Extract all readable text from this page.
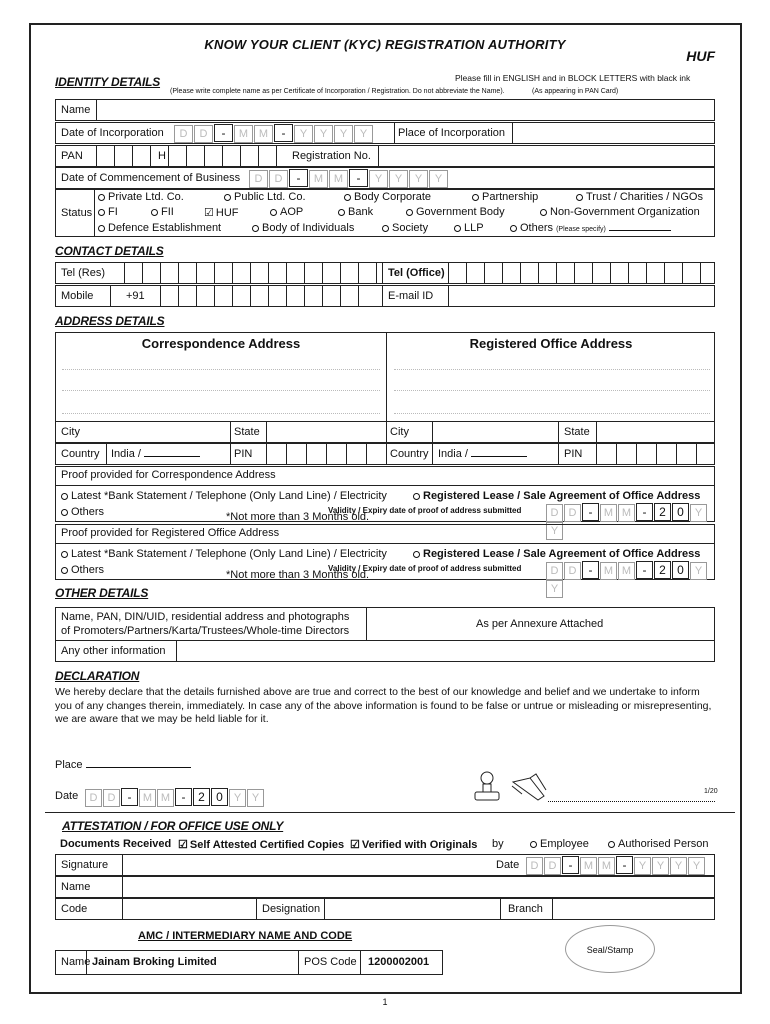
KNOW YOUR CLIENT (KYC) REGISTRATION AUTHORITY
HUF
IDENTITY DETAILS	Please fill in ENGLISH and in BLOCK LETTERS with black ink
(Please write complete name as per Certificate of Incorporation / Registration. Do not abbreviate the Name).	(As appearing in PAN Card)
Name
Date of Incorporation	D D - M M - Y Y Y Y	Place of Incorporation
PAN	H	Registration No.
Date of Commencement of Business	D D - M M - Y Y Y Y
Status
Private Ltd. Co.	Public Ltd. Co.	Body Corporate	Partnership	Trust / Charities / NGOs
FI	FII	☑ HUF	AOP	Bank	Government Body	Non-Government Organization
Defence Establishment	Body of Individuals	Society	LLP	Others (Please specify)
CONTACT DETAILS
Tel (Res)	Tel (Office)
Mobile	+91	E-mail ID
ADDRESS DETAILS
Correspondence Address	Registered Office Address
City	State	City	State
Country India /	PIN	Country India /	PIN
Proof provided for Correspondence Address
Latest *Bank Statement / Telephone (Only Land Line) / Electricity	Registered Lease / Sale Agreement of Office Address
Others	*Not more than 3 Months old.
Validity / Expiry date of proof of address submitted	D D - M M - 2 0 YY
Proof provided for Registered Office Address
Latest *Bank Statement / Telephone (Only Land Line) / Electricity	Registered Lease / Sale Agreement of Office Address
Others	*Not more than 3 Months old.
Validity / Expiry date of proof of address submitted	D D - M M - 2 0 YY
OTHER DETAILS
Name, PAN, DIN/UID, residential address and photographs
of Promoters/Partners/Karta/Trustees/Whole-time Directors
As per Annexure Attached
Any other information
DECLARATION
We hereby declare that the details furnished above are true and correct to the best of our knowledge and belief and we undertake to inform you of any changes therein, immediately. In case any of the above information is found to be false or untrue or misleading or misrepresenting, we are aware that we may be held liable for it.
Place
Date	D D - M M - 2 0 Y Y
1/20
ATTESTATION / FOR OFFICE USE ONLY
Documents Received ☑ Self Attested Certified Copies ☑ Verified with Originals by	Employee	Authorised Person
Signature	Date	D D - M M - Y Y Y Y
Name
Code	Designation	Branch
AMC / INTERMEDIARY NAME AND CODE
Name Jainam Broking Limited	POS Code 1200002001
Seal/Stamp
1
